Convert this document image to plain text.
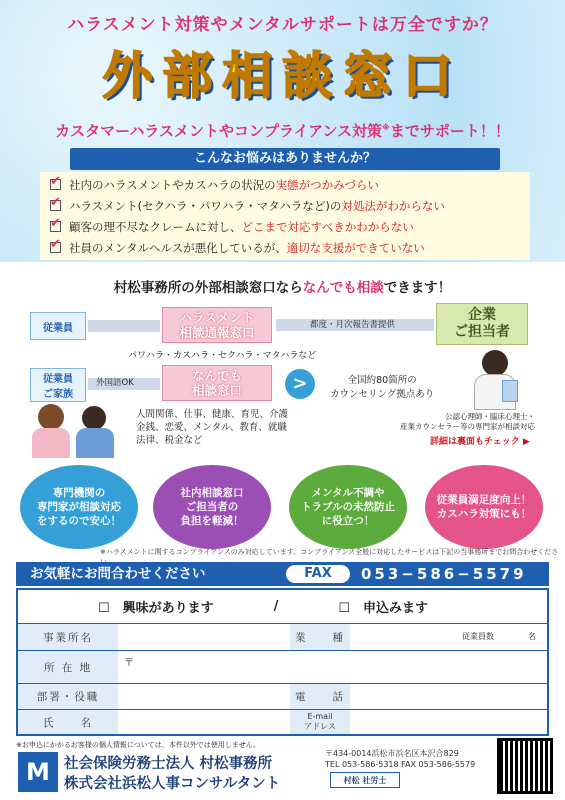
ハラスメント対策やメンタルサポートは万全ですか？
外部相談窓口
カスタマーハラスメントやコンプライアンス対策※までサポート！！
こんなお悩みはありませんか？
✔
社内のハラスメントやカスハラの状況の 実態がつかみづらい
✔
ハラスメント(セクハラ・パワハラ・マタハラなど)の 対処法がわからない
✔
顧客の理不尽なクレームに対し、 どこまで対応すべきかわからない
✔
社員のメンタルヘルスが悪化しているが、 適切な支援ができていない
村松事務所の外部相談窓口ならなんでも相談できます！
従業員
ハラスメント
相談通報窓口	都度・月次報告書提供
企業
ご担当者
パワハラ・カスハラ・セクハラ・マタハラなど
従業員
ご家族
外国語OK	なんでも
相談窓口	>	全国約80箇所の
カウンセリング拠点あり
人間関係、仕事、健康、育児、介護
金銭、恋愛、メンタル、教育、就職
法律、税金など
公認心理師・臨床心理士・
産業カウンセラー等の専門家が相談対応
詳細は裏面もチェック ▶
専門機関の
専門家が相談対応
をするので安心！
社内相談窓口
ご担当者の
負担を軽減！
メンタル不調や
トラブルの未然防止
に役立つ！
従業員満足度向上！
カスハラ対策にも！
※ハラスメントに関するコンプライアンスのみ対応しています。コンプライアンス全般に対応したサービスは下記の当事務所までお問合わせくださ
お気軽にお問合わせください	FAX	053−586−5579
☐　興味があります	/	☐　申込みます
事業所名	業　　種	従業員数	名
所 在 地	〒
部署・役職	電　　話
氏　　名	E-mail
アドレス
※お申込にかかるお客様の個人情報については、本件以外では使用しません。
M 社会保険労務士法人 村松事務所
株式会社浜松人事コンサルタント
〒434-0014浜松市浜名区本沢合829
TEL 053-586-5318 FAX 053-586-5579
村松 社労士
